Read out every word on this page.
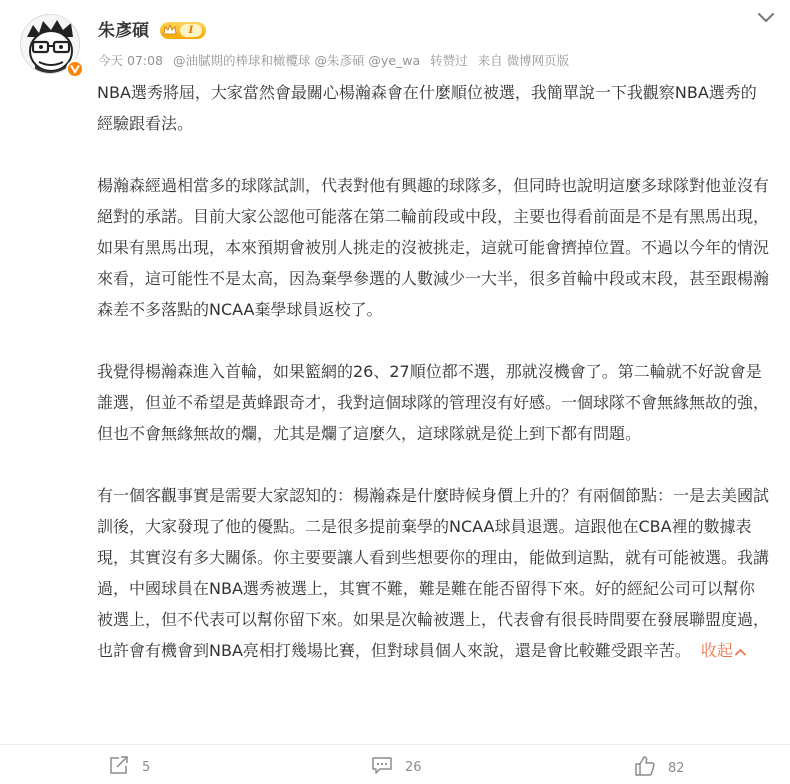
朱彥碩	I
今天 07:08 @油膩期的棒球和橄欖球 @朱彥碩 @ye_wa 转赞过 来自 微博网页版

NBA選秀將屆，大家當然會最關心楊瀚森會在什麼順位被選，我簡單說一下我觀察NBA選秀的經驗跟看法。

楊瀚森經過相當多的球隊試訓，代表對他有興趣的球隊多，但同時也說明這麼多球隊對他並沒有絕對的承諾。目前大家公認他可能落在第二輪前段或中段，主要也得看前面是不是有黑馬出現，如果有黑馬出現，本來預期會被別人挑走的沒被挑走，這就可能會擠掉位置。不過以今年的情況來看，這可能性不是太高，因為棄學參選的人數減少一大半，很多首輪中段或末段，甚至跟楊瀚森差不多落點的NCAA棄學球員返校了。

我覺得楊瀚森進入首輪，如果籃網的26、27順位都不選，那就沒機會了。第二輪就不好說會是誰選，但並不希望是黃蜂跟奇才，我對這個球隊的管理沒有好感。一個球隊不會無緣無故的強，但也不會無緣無故的爛，尤其是爛了這麼久，這球隊就是從上到下都有問題。

有一個客觀事實是需要大家認知的：楊瀚森是什麼時候身價上升的？有兩個節點：一是去美國試訓後，大家發現了他的優點。二是很多提前棄學的NCAA球員退選。這跟他在CBA裡的數據表現，其實沒有多大關係。你主要要讓人看到些想要你的理由，能做到這點，就有可能被選。我講過，中國球員在NBA選秀被選上，其實不難，難是難在能否留得下來。好的經紀公司可以幫你被選上，但不代表可以幫你留下來。如果是次輪被選上，代表會有很長時間要在發展聯盟度過，也許會有機會到NBA亮相打幾場比賽，但對球員個人來說，還是會比較難受跟辛苦。 收起

5	26	82
